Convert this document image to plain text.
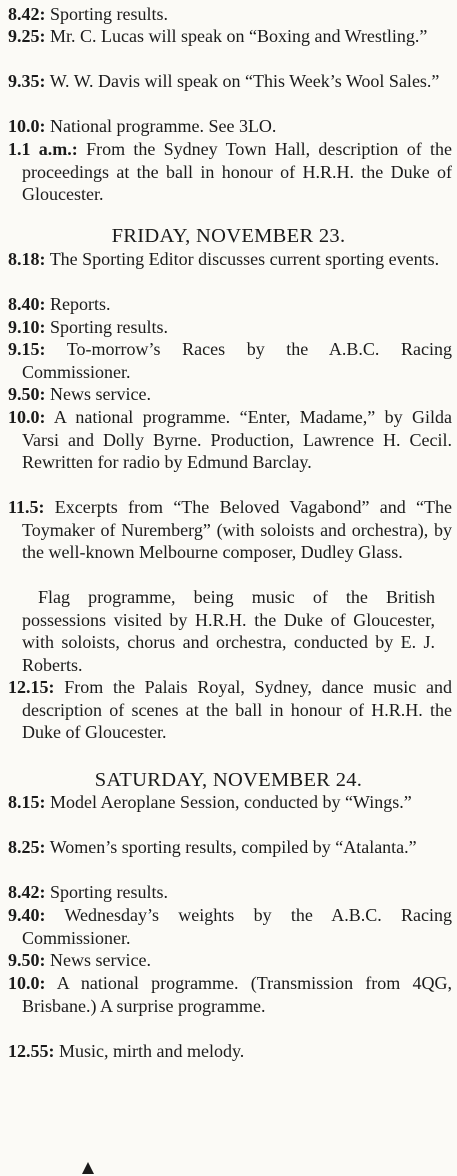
8.42: Sporting results.
9.25: Mr. C. Lucas will speak on “Boxing and Wrestling.”
9.35: W. W. Davis will speak on “This Week’s Wool Sales.”
10.0: National programme. See 3LO.
1.1 a.m.: From the Sydney Town Hall, description of the proceedings at the ball in honour of H.R.H. the Duke of Gloucester.
FRIDAY, NOVEMBER 23.
8.18: The Sporting Editor discusses current sporting events.
8.40: Reports.
9.10: Sporting results.
9.15: To-morrow’s Races by the A.B.C. Racing Commissioner.
9.50: News service.
10.0: A national programme. “Enter, Madame,” by Gilda Varsi and Dolly Byrne. Production, Lawrence H. Cecil. Rewritten for radio by Edmund Barclay.
11.5: Excerpts from “The Beloved Vagabond” and “The Toymaker of Nuremberg” (with soloists and orchestra), by the well-known Melbourne composer, Dudley Glass.
Flag programme, being music of the British possessions visited by H.R.H. the Duke of Gloucester, with soloists, chorus and orchestra, conducted by E. J. Roberts.
12.15: From the Palais Royal, Sydney, dance music and description of scenes at the ball in honour of H.R.H. the Duke of Gloucester.
SATURDAY, NOVEMBER 24.
8.15: Model Aeroplane Session, conducted by “Wings.”
8.25: Women’s sporting results, compiled by “Atalanta.”
8.42: Sporting results.
9.40: Wednesday’s weights by the A.B.C. Racing Commissioner.
9.50: News service.
10.0: A national programme. (Transmission from 4QG, Brisbane.) A surprise programme.
12.55: Music, mirth and melody.
